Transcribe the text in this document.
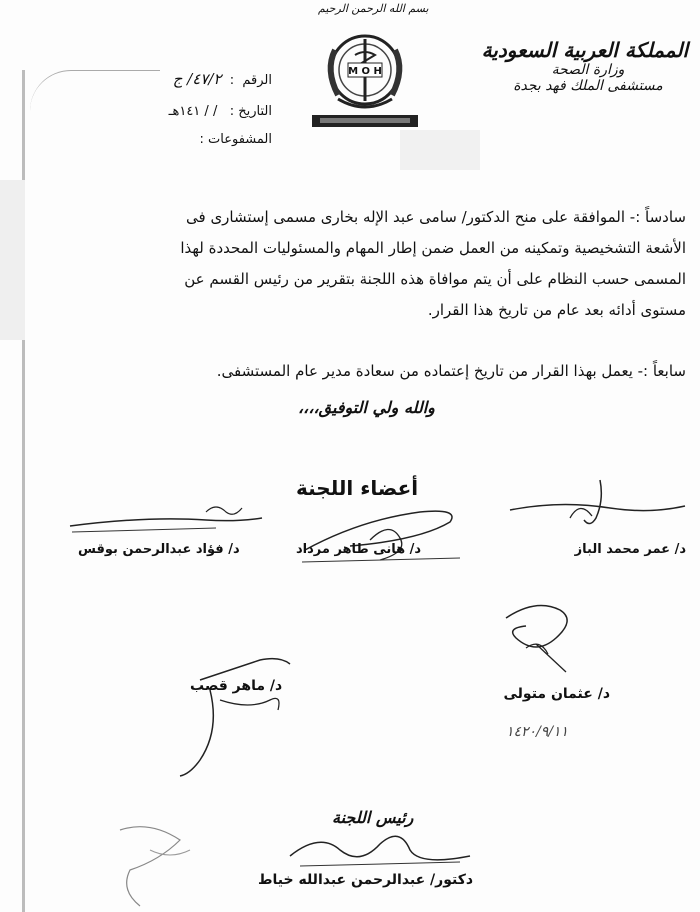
بسم الله الرحمن الرحيم
المملكة العربية السعودية
وزارة الصحة
مستشفى الملك فهد بجدة
M O H
الرقم  :  ٤٧/٢/ ج
التاريخ :   / / ١٤١هـ
المشفوعات :
سادساً :- الموافقة على منح الدكتور/ سامى عبد الإله بخارى مسمى إستشارى فى
الأشعة التشخيصية وتمكينه من العمل ضمن إطار المهام والمسئوليات المحددة لهذا
المسمى حسب النظام على أن يتم موافاة هذه اللجنة بتقرير من رئيس القسم عن
مستوى أدائه بعد عام من تاريخ هذا القرار.
سابعاً :- يعمل بهذا القرار من تاريخ إعتماده من سعادة مدير عام المستشفى.
والله ولي التوفيق،،،،
أعضاء اللجنة
د/ عمر محمد الباز
د/ هانى طاهر مرداد
د/ فؤاد عبدالرحمن بوقس
د/ عثمان متولى
د/ ماهر قصب
١٤٢٠/٩/١١
رئيس اللجنة
دكتور/ عبدالرحمن عبدالله خياط
